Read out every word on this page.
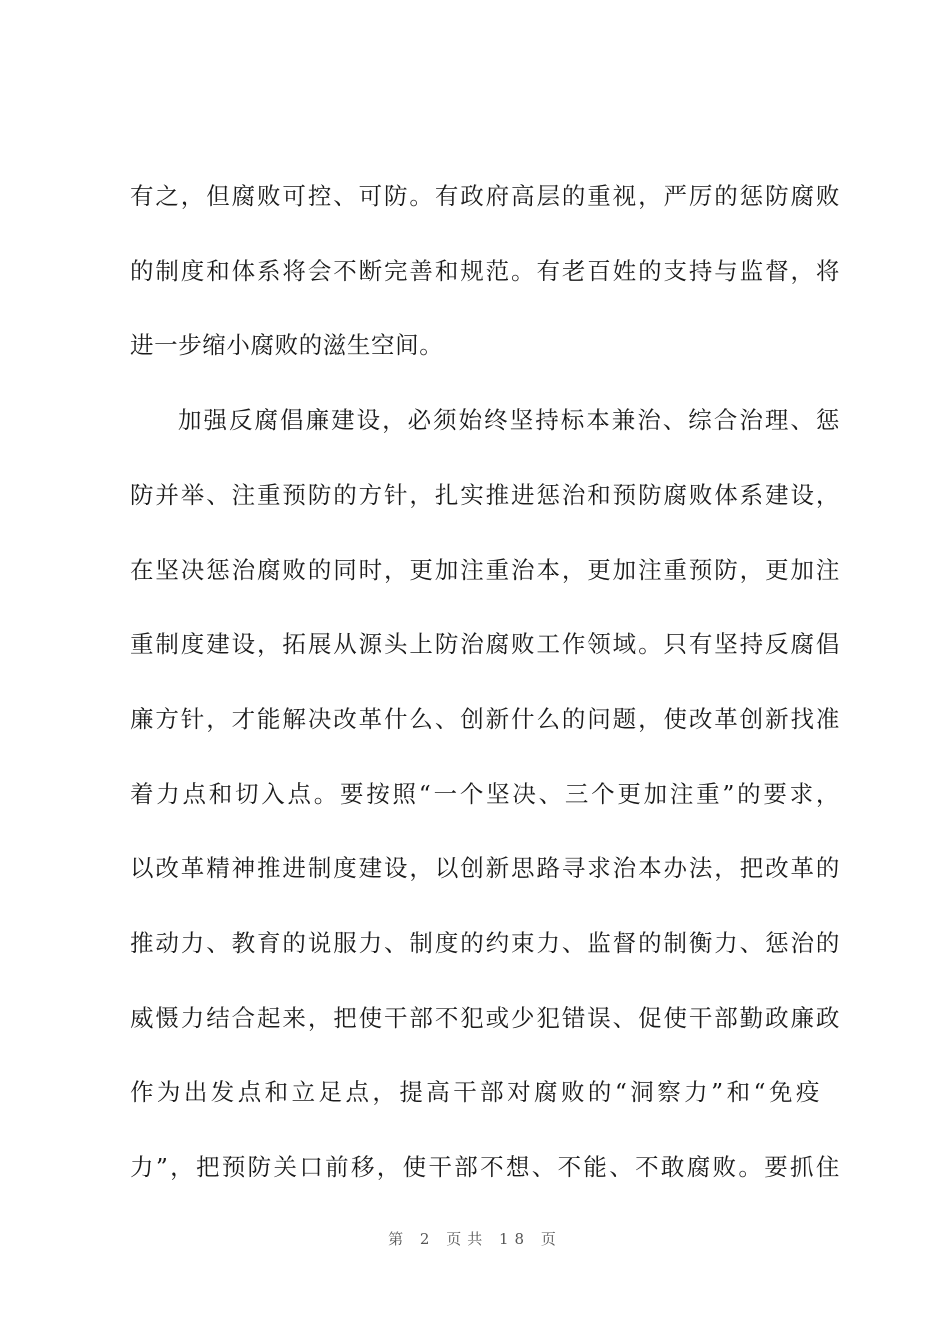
有之，但腐败可控、可防。有政府高层的重视，严厉的惩防腐败
的制度和体系将会不断完善和规范。有老百姓的支持与监督，将
进一步缩小腐败的滋生空间。
加强反腐倡廉建设，必须始终坚持标本兼治、综合治理、惩
防并举、注重预防的方针，扎实推进惩治和预防腐败体系建设，
在坚决惩治腐败的同时，更加注重治本，更加注重预防，更加注
重制度建设，拓展从源头上防治腐败工作领域。只有坚持反腐倡
廉方针，才能解决改革什么、创新什么的问题，使改革创新找准
着力点和切入点。要按照“一个坚决、三个更加注重”的要求，
以改革精神推进制度建设，以创新思路寻求治本办法，把改革的
推动力、教育的说服力、制度的约束力、监督的制衡力、惩治的
威慑力结合起来，把使干部不犯或少犯错误、促使干部勤政廉政
作为出发点和立足点，提高干部对腐败的“洞察力”和“免疫
力”，把预防关口前移，使干部不想、不能、不敢腐败。要抓住
第 2 页共 18 页
